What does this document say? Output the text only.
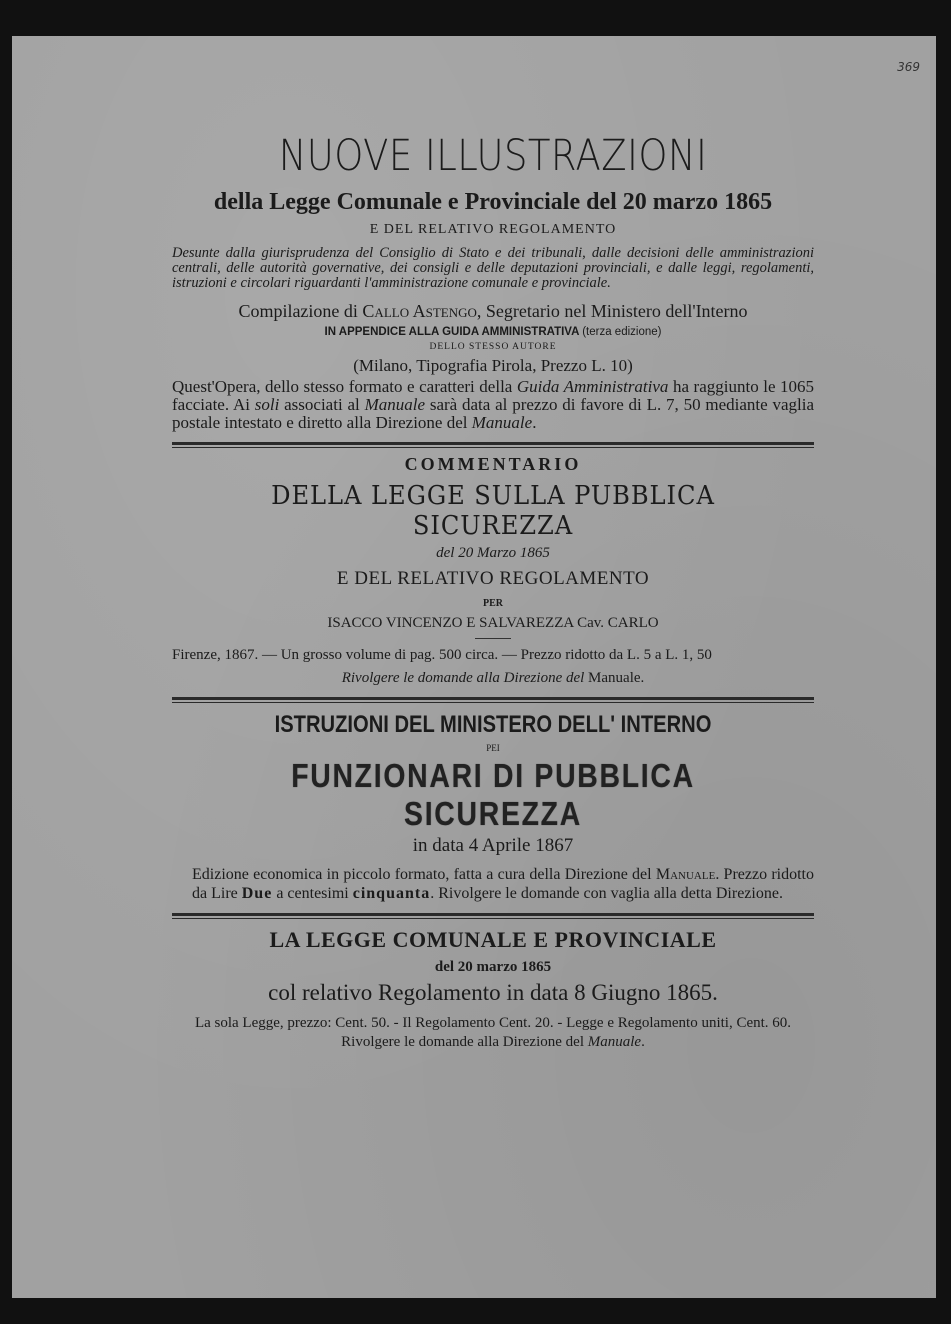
369
NUOVE ILLUSTRAZIONI
della Legge Comunale e Provinciale del 20 marzo 1865
E DEL RELATIVO REGOLAMENTO
Desunte dalla giurisprudenza del Consiglio di Stato e dei tribunali, dalle decisioni delle amministrazioni centrali, delle autorità governative, dei consigli e delle deputazioni provinciali, e dalle leggi, regolamenti, istruzioni e circolari riguardanti l'amministrazione comunale e provinciale.
Compilazione di Callo Astengo, Segretario nel Ministero dell'Interno
IN APPENDICE ALLA GUIDA AMMINISTRATIVA (terza edizione)
DELLO STESSO AUTORE
(Milano, Tipografia Pirola, Prezzo L. 10)
Quest'Opera, dello stesso formato e caratteri della Guida Amministrativa ha raggiunto le 1065 facciate. Ai soli associati al Manuale sarà data al prezzo di favore di L. 7, 50 mediante vaglia postale intestato e diretto alla Direzione del Manuale.
COMMENTARIO
DELLA LEGGE SULLA PUBBLICA SICUREZZA
del 20 Marzo 1865
E DEL RELATIVO REGOLAMENTO
PER
ISACCO VINCENZO E SALVAREZZA Cav. CARLO
Firenze, 1867. — Un grosso volume di pag. 500 circa. — Prezzo ridotto da L. 5 a L. 1, 50
Rivolgere le domande alla Direzione del Manuale.
ISTRUZIONI DEL MINISTERO DELL' INTERNO
PEI
FUNZIONARI DI PUBBLICA SICUREZZA
in data 4 Aprile 1867
Edizione economica in piccolo formato, fatta a cura della Direzione del Manuale. Prezzo ridotto da Lire Due a centesimi cinquanta. Rivolgere le domande con vaglia alla detta Direzione.
LA LEGGE COMUNALE E PROVINCIALE
del 20 marzo 1865
col relativo Regolamento in data 8 Giugno 1865.
La sola Legge, prezzo: Cent. 50. - Il Regolamento Cent. 20. - Legge e Regolamento uniti, Cent. 60. Rivolgere le domande alla Direzione del Manuale.
